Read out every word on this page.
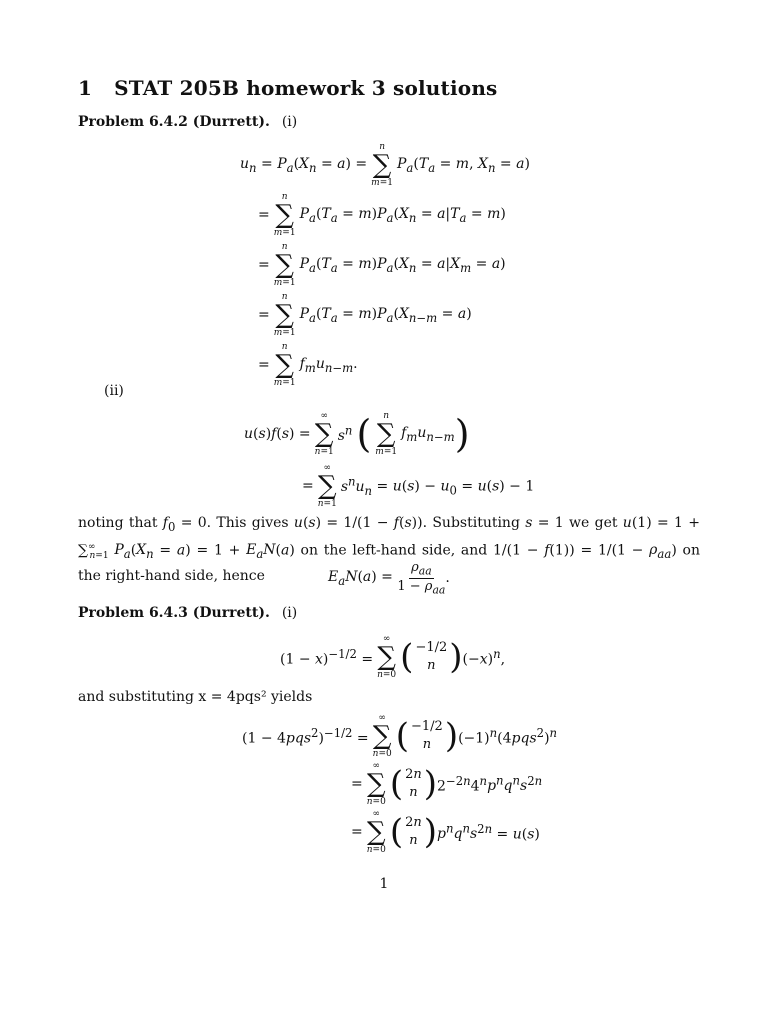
1 STAT 205B homework 3 solutions
Problem 6.4.2 (Durrett). (i)
$u_n = P_a(X_n = a)$ =
n
∑
m=1
$P_a(T_a = m$, $X_n = a$)
=
n
∑
m=1
$P_a(T_a = m)P_a(X_n = a|T_a = m)$
=
n
∑
m=1
$P_a(T_a = m)P_a(X_n = a|X_m = a)$
=
n
∑
m=1
$P_a(T_a = m)P_a(X_{n-m} = a)$
=
n
∑
m=1
$f_mu_{n-m}$.
(ii)
u(s)f(s) =
∞
∑
n=1
$s^n$ ( n
∑
m=1
$f_mu_{n-m}$ )
=
∞
∑
n=1
$s^nu_n = u(s) - u_0 = u(s) - 1$
noting that $f_0 = 0$. This gives u(s) = 1/(1 − f(s)). Substituting s = 1 we get $u(1) = 1 + \sum^\infty_{n=1}$ $P_a(X_n = a) = 1 + E_aN(a)$ on the left-hand side, and $1/(1 - f(1)) = 1/(1 - \rho_{aa})$ on the right-hand side, hence	$E_aN(a) = \frac{\rho_{aa}}{1 - \rho_{aa}}$ .
Problem 6.4.3 (Durrett). (i)
$(1 - x)^{-1/2}$ =
∞
∑
n=0 ( −1/2
n ) $(-x)^n$,
and substituting x = 4pqs² yields
$(1 - 4pqs^2)^{-1/2}$ =
∞
∑
n=0 ( −1/2
n ) $(-1)^n(4pqs^2)^n$
=
∞
∑
n=0 ( 2n
n ) $2^{-2n}4^np^nq^ns^{2n}$
=
∞
∑
n=0 ( 2n
n ) $p^nq^ns^{2n} = u(s)$
1
